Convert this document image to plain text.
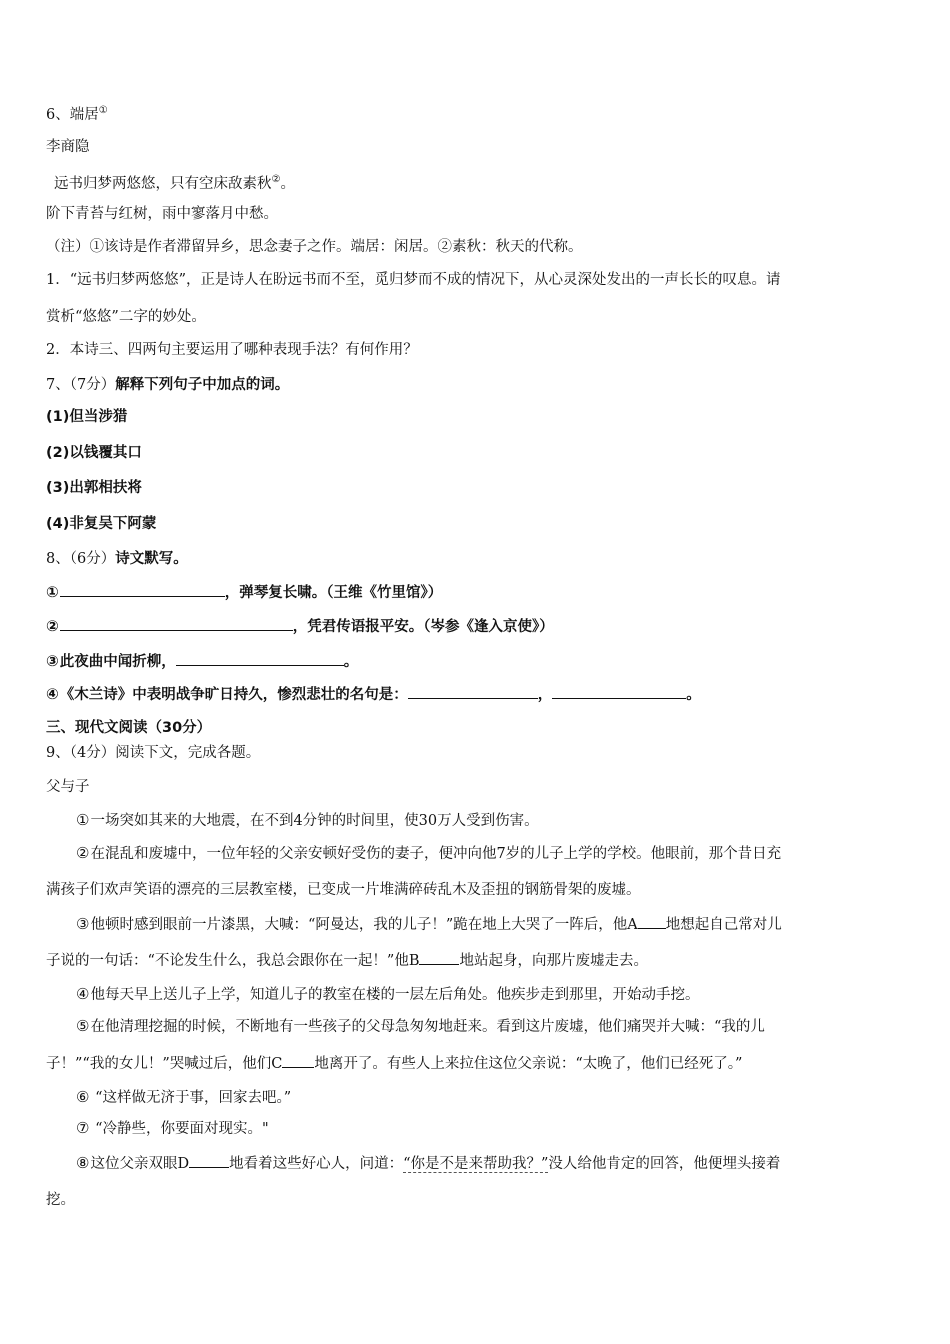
6、端居①
李商隐
远书归梦两悠悠，只有空床敌素秋②。
阶下青苔与红树，雨中寥落月中愁。
（注）①该诗是作者滞留异乡，思念妻子之作。端居：闲居。②素秋：秋天的代称。
1．“远书归梦两悠悠”，正是诗人在盼远书而不至，觅归梦而不成的情况下，从心灵深处发出的一声长长的叹息。请
赏析“悠悠”二字的妙处。
2．本诗三、四两句主要运用了哪种表现手法？有何作用？
7、（7分）解释下列句子中加点的词。
(1)但当涉猎
(2)以钱覆其口
(3)出郭相扶将
(4)非复吴下阿蒙
8、（6分）诗文默写。
①	，弹琴复长啸。（王维《竹里馆》）
②	，凭君传语报平安。（岑参《逢入京使》）
③此夜曲中闻折柳，	。
④《木兰诗》中表明战争旷日持久，惨烈悲壮的名句是：	，	。
三、现代文阅读（30分）
9、（4分）阅读下文，完成各题。
父与子
①一场突如其来的大地震，在不到4分钟的时间里，使30万人受到伤害。
②在混乱和废墟中，一位年轻的父亲安顿好受伤的妻子，便冲向他7岁的儿子上学的学校。他眼前，那个昔日充
满孩子们欢声笑语的漂亮的三层教室楼，已变成一片堆满碎砖乱木及歪扭的钢筋骨架的废墟。
③他顿时感到眼前一片漆黑，大喊：“阿曼达，我的儿子！”跪在地上大哭了一阵后，他A 地想起自己常对儿
子说的一句话：“不论发生什么，我总会跟你在一起！”他B	地站起身，向那片废墟走去。
④他每天早上送儿子上学，知道儿子的教室在楼的一层左后角处。他疾步走到那里，开始动手挖。
⑤在他清理挖掘的时候，不断地有一些孩子的父母急匆匆地赶来。看到这片废墟，他们痛哭并大喊：“我的儿
子！”“我的女儿！”哭喊过后，他们C 地离开了。有些人上来拉住这位父亲说：“太晚了，他们已经死了。”
⑥ “这样做无济于事，回家去吧。”
⑦ “冷静些，你要面对现实。"
⑧这位父亲双眼D	地看着这些好心人，问道：“你是不是来帮助我？”没人给他肯定的回答，他便埋头接着
挖。
